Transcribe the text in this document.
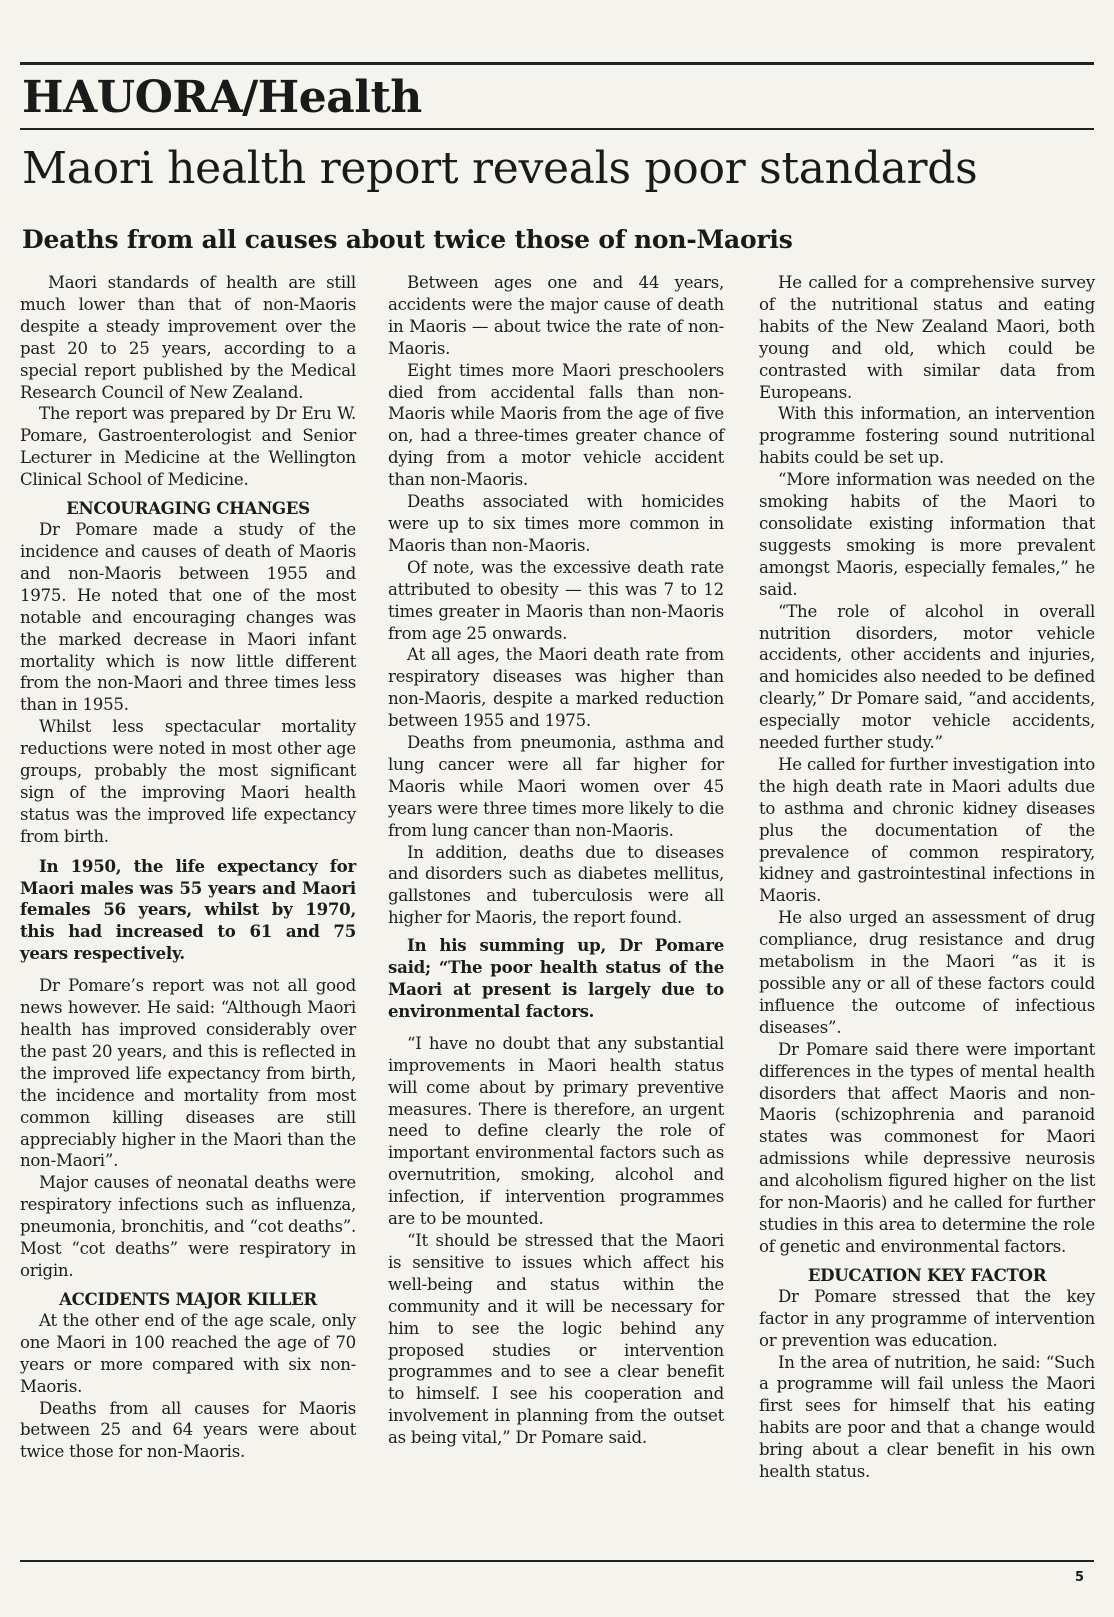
HAUORA/Health
Maori health report reveals poor standards
Deaths from all causes about twice those of non-Maoris

Maori standards of health are still much lower than that of non-Maoris despite a steady improvement over the past 20 to 25 years, according to a special report published by the Medical Research Council of New Zealand.

The report was prepared by Dr Eru W. Pomare, Gastroenterologist and Senior Lecturer in Medicine at the Wellington Clinical School of Medicine.

ENCOURAGING CHANGES

Dr Pomare made a study of the incidence and causes of death of Maoris and non-Maoris between 1955 and 1975. He noted that one of the most notable and encouraging changes was the marked decrease in Maori infant mortality which is now little different from the non-Maori and three times less than in 1955.

Whilst less spectacular mortality reductions were noted in most other age groups, probably the most significant sign of the improving Maori health status was the improved life expectancy from birth.

In 1950, the life expectancy for Maori males was 55 years and Maori females 56 years, whilst by 1970, this had increased to 61 and 75 years respectively.

Dr Pomare’s report was not all good news however. He said: “Although Maori health has improved considerably over the past 20 years, and this is reflected in the improved life expectancy from birth, the incidence and mortality from most common killing diseases are still appreciably higher in the Maori than the non-Maori”.

Major causes of neonatal deaths were respiratory infections such as influenza, pneumonia, bronchitis, and “cot deaths”. Most “cot deaths” were respiratory in origin.

ACCIDENTS MAJOR KILLER

At the other end of the age scale, only one Maori in 100 reached the age of 70 years or more compared with six non-Maoris.

Deaths from all causes for Maoris between 25 and 64 years were about twice those for non-Maoris.

Between ages one and 44 years, accidents were the major cause of death in Maoris — about twice the rate of non-Maoris.

Eight times more Maori preschoolers died from accidental falls than non-Maoris while Maoris from the age of five on, had a three-times greater chance of dying from a motor vehicle accident than non-Maoris.

Deaths associated with homicides were up to six times more common in Maoris than non-Maoris.

Of note, was the excessive death rate attributed to obesity — this was 7 to 12 times greater in Maoris than non-Maoris from age 25 onwards.

At all ages, the Maori death rate from respiratory diseases was higher than non-Maoris, despite a marked reduction between 1955 and 1975.

Deaths from pneumonia, asthma and lung cancer were all far higher for Maoris while Maori women over 45 years were three times more likely to die from lung cancer than non-Maoris.

In addition, deaths due to diseases and disorders such as diabetes mellitus, gallstones and tuberculosis were all higher for Maoris, the report found.

In his summing up, Dr Pomare said; “The poor health status of the Maori at present is largely due to environmental factors.

“I have no doubt that any substantial improvements in Maori health status will come about by primary preventive measures. There is therefore, an urgent need to define clearly the role of important environmental factors such as overnutrition, smoking, alcohol and infection, if intervention programmes are to be mounted.

“It should be stressed that the Maori is sensitive to issues which affect his well-being and status within the community and it will be necessary for him to see the logic behind any proposed studies or intervention programmes and to see a clear benefit to himself. I see his cooperation and involvement in planning from the outset as being vital,” Dr Pomare said.

He called for a comprehensive survey of the nutritional status and eating habits of the New Zealand Maori, both young and old, which could be contrasted with similar data from Europeans.

With this information, an intervention programme fostering sound nutritional habits could be set up.

“More information was needed on the smoking habits of the Maori to consolidate existing information that suggests smoking is more prevalent amongst Maoris, especially females,” he said.

“The role of alcohol in overall nutrition disorders, motor vehicle accidents, other accidents and injuries, and homicides also needed to be defined clearly,” Dr Pomare said, “and accidents, especially motor vehicle accidents, needed further study.”

He called for further investigation into the high death rate in Maori adults due to asthma and chronic kidney diseases plus the documentation of the prevalence of common respiratory, kidney and gastrointestinal infections in Maoris.

He also urged an assessment of drug compliance, drug resistance and drug metabolism in the Maori “as it is possible any or all of these factors could influence the outcome of infectious diseases”.

Dr Pomare said there were important differences in the types of mental health disorders that affect Maoris and non-Maoris (schizophrenia and paranoid states was commonest for Maori admissions while depressive neurosis and alcoholism figured higher on the list for non-Maoris) and he called for further studies in this area to determine the role of genetic and environmental factors.

EDUCATION KEY FACTOR

Dr Pomare stressed that the key factor in any programme of intervention or prevention was education.

In the area of nutrition, he said: “Such a programme will fail unless the Maori first sees for himself that his eating habits are poor and that a change would bring about a clear benefit in his own health status.

5
